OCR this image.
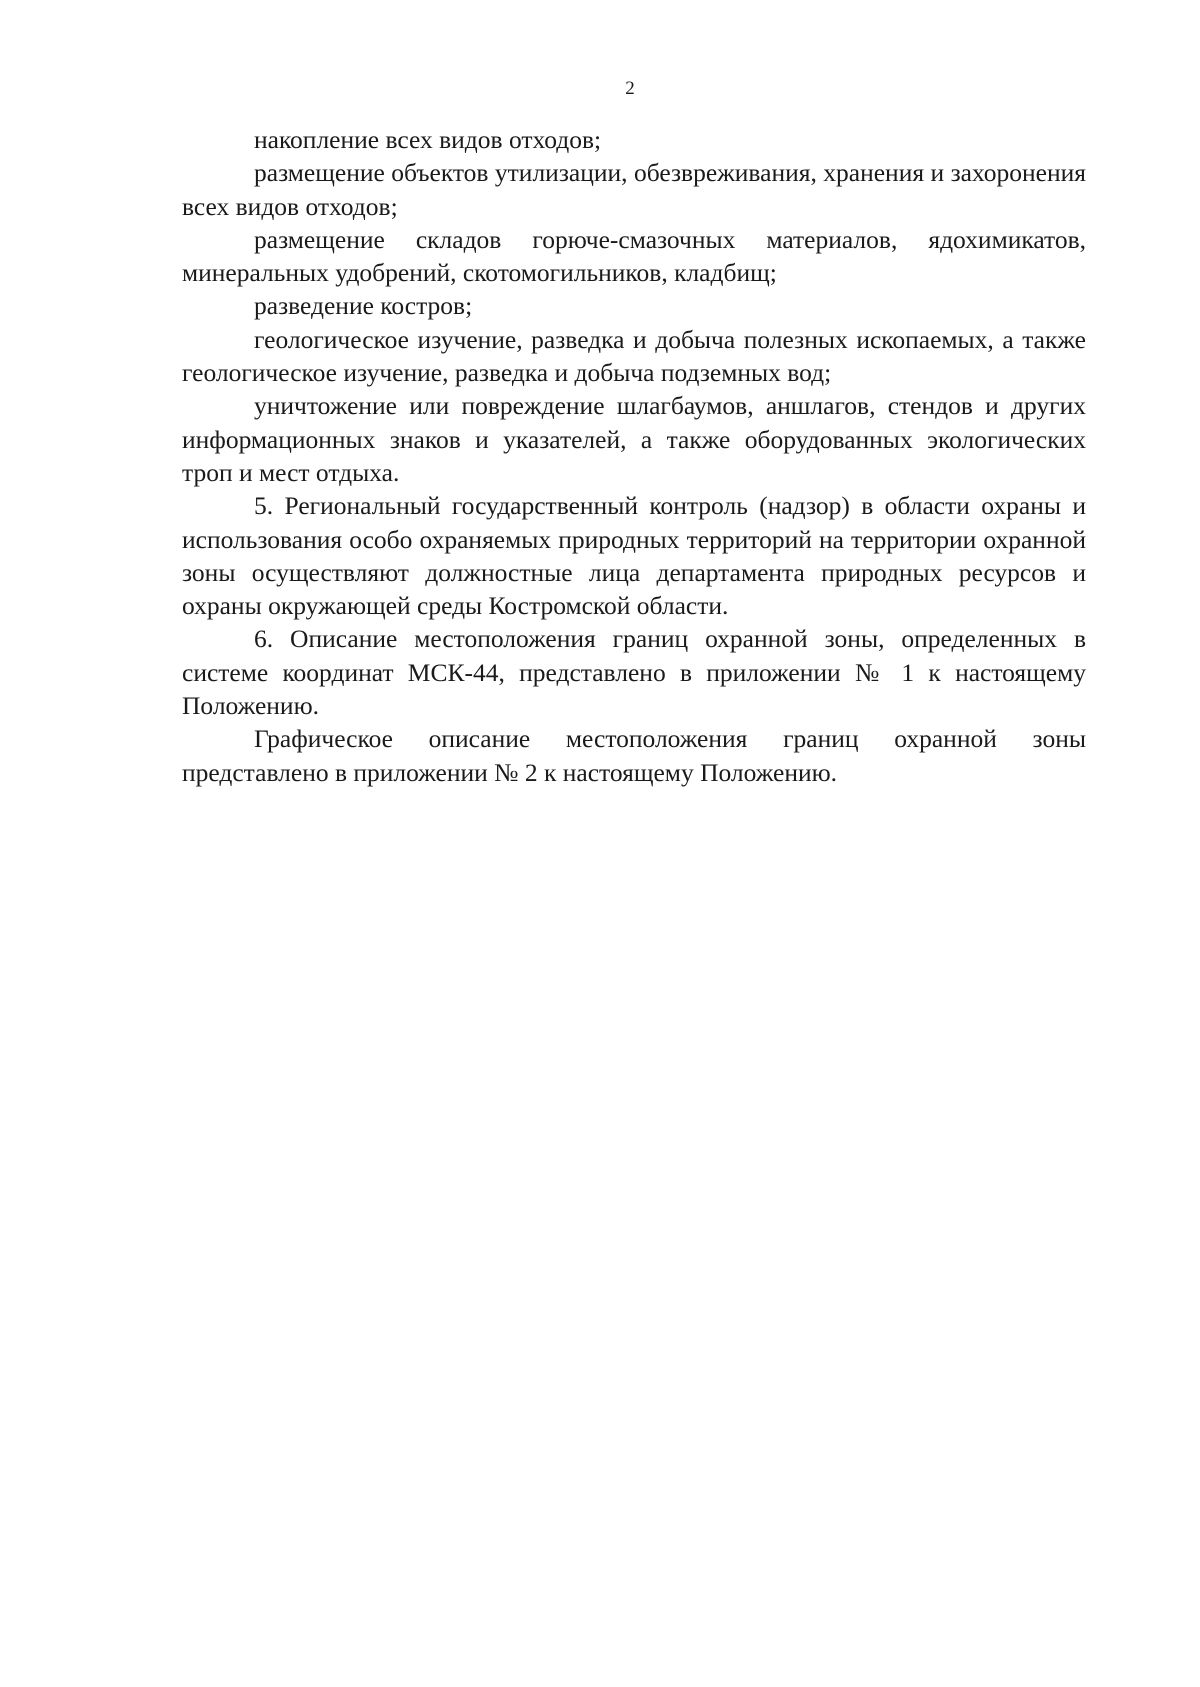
2

накопление всех видов отходов;

размещение объектов утилизации, обезвреживания, хранения и захоронения всех видов отходов;

размещение складов горюче-смазочных материалов, ядохимикатов, минеральных удобрений, скотомогильников, кладбищ;

разведение костров;

геологическое изучение, разведка и добыча полезных ископаемых, а также геологическое изучение, разведка и добыча подземных вод;

уничтожение или повреждение шлагбаумов, аншлагов, стендов и других информационных знаков и указателей, а также оборудованных экологических троп и мест отдыха.

5. Региональный государственный контроль (надзор) в области охраны и использования особо охраняемых природных территорий на территории охранной зоны осуществляют должностные лица департамента природных ресурсов и охраны окружающей среды Костромской области.

6. Описание местоположения границ охранной зоны, определенных в системе координат МСК-44, представлено в приложении № 1 к настоящему Положению.

Графическое описание местоположения границ охранной зоны представлено в приложении № 2 к настоящему Положению.
